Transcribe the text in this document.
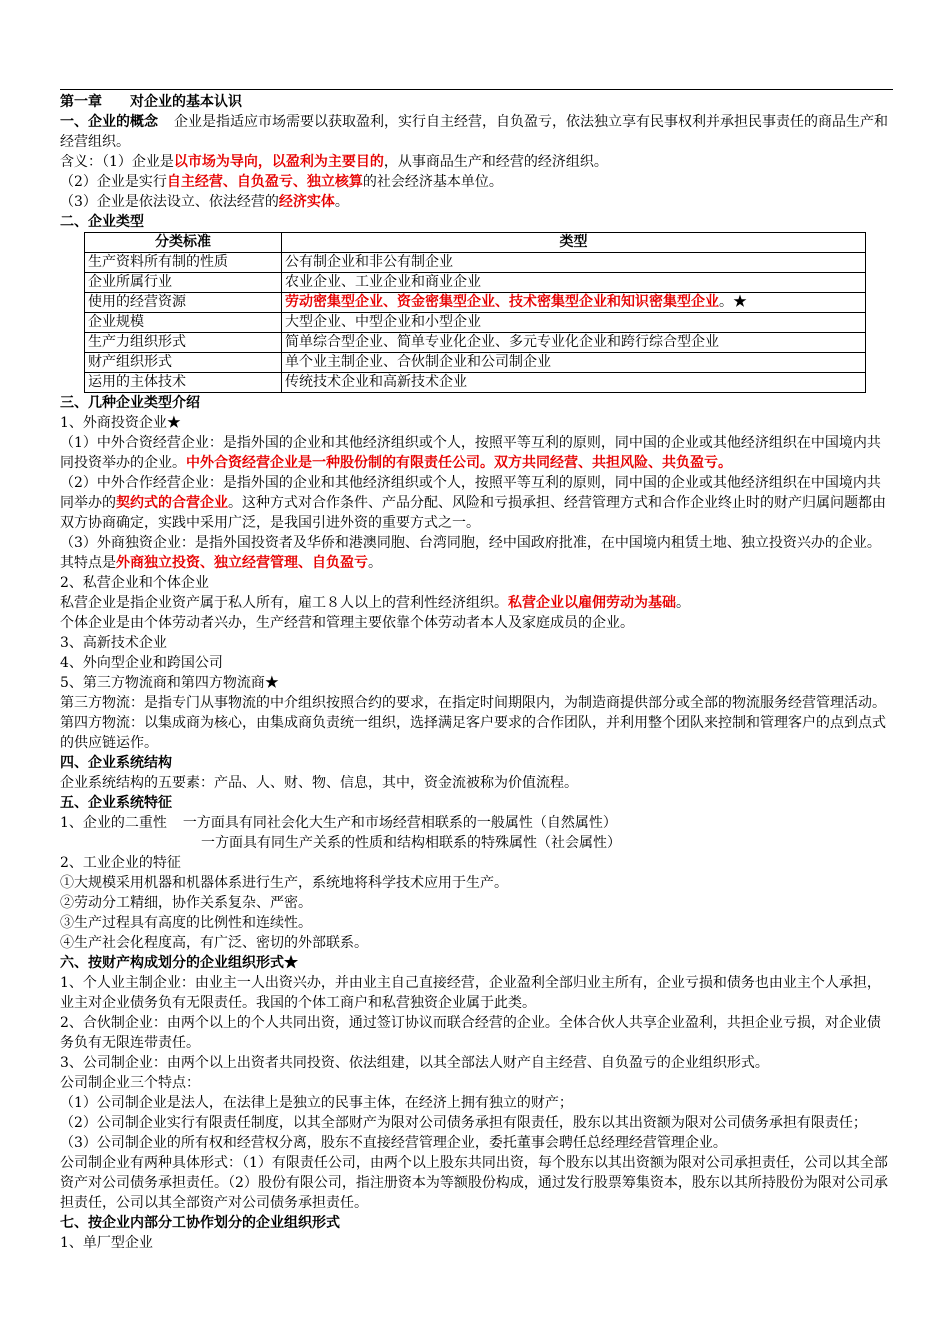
第一章　　对企业的基本认识

一、企业的概念 企业是指适应市场需要以获取盈利，实行自主经营，自负盈亏，依法独立享有民事权利并承担民事责任的商品生产和经营组织。

含义：（1）企业是以市场为导向，以盈利为主要目的，从事商品生产和经营的经济组织。

（2）企业是实行自主经营、自负盈亏、独立核算的社会经济基本单位。

（3）企业是依法设立、依法经营的经济实体。

二、企业类型

分类标准	类型
生产资料所有制的性质	公有制企业和非公有制企业
企业所属行业	农业企业、工业企业和商业企业
使用的经营资源	劳动密集型企业、资金密集型企业、技术密集型企业和知识密集型企业。★
企业规模	大型企业、中型企业和小型企业
生产力组织形式	简单综合型企业、简单专业化企业、多元专业化企业和跨行综合型企业
财产组织形式	单个业主制企业、合伙制企业和公司制企业
运用的主体技术	传统技术企业和高新技术企业

三、几种企业类型介绍

1、外商投资企业★

（1）中外合资经营企业：是指外国的企业和其他经济组织或个人，按照平等互利的原则，同中国的企业或其他经济组织在中国境内共同投资举办的企业。中外合资经营企业是一种股份制的有限责任公司。双方共同经营、共担风险、共负盈亏。

（2）中外合作经营企业：是指外国的企业和其他经济组织或个人，按照平等互利的原则，同中国的企业或其他经济组织在中国境内共同举办的契约式的合营企业。这种方式对合作条件、产品分配、风险和亏损承担、经营管理方式和合作企业终止时的财产归属问题都由双方协商确定，实践中采用广泛，是我国引进外资的重要方式之一。

（3）外商独资企业：是指外国投资者及华侨和港澳同胞、台湾同胞，经中国政府批准，在中国境内租赁土地、独立投资兴办的企业。其特点是外商独立投资、独立经营管理、自负盈亏。

2、私营企业和个体企业

私营企业是指企业资产属于私人所有，雇工８人以上的营利性经济组织。私营企业以雇佣劳动为基础。

个体企业是由个体劳动者兴办，生产经营和管理主要依靠个体劳动者本人及家庭成员的企业。

3、高新技术企业

4、外向型企业和跨国公司

5、第三方物流商和第四方物流商★

第三方物流：是指专门从事物流的中介组织按照合约的要求，在指定时间期限内，为制造商提供部分或全部的物流服务经营管理活动。

第四方物流：以集成商为核心，由集成商负责统一组织，选择满足客户要求的合作团队，并利用整个团队来控制和管理客户的点到点式的供应链运作。

四、企业系统结构

企业系统结构的五要素：产品、人、财、物、信息，其中，资金流被称为价值流程。

五、企业系统特征

1、企业的二重性 一方面具有同社会化大生产和市场经营相联系的一般属性（自然属性）

一方面具有同生产关系的性质和结构相联系的特殊属性（社会属性）

2、工业企业的特征

①大规模采用机器和机器体系进行生产，系统地将科学技术应用于生产。

②劳动分工精细，协作关系复杂、严密。

③生产过程具有高度的比例性和连续性。

④生产社会化程度高，有广泛、密切的外部联系。

六、按财产构成划分的企业组织形式★

1、个人业主制企业：由业主一人出资兴办，并由业主自己直接经营，企业盈利全部归业主所有，企业亏损和债务也由业主个人承担，业主对企业债务负有无限责任。我国的个体工商户和私营独资企业属于此类。

2、合伙制企业：由两个以上的个人共同出资，通过签订协议而联合经营的企业。全体合伙人共享企业盈利，共担企业亏损，对企业债务负有无限连带责任。

3、公司制企业：由两个以上出资者共同投资、依法组建，以其全部法人财产自主经营、自负盈亏的企业组织形式。

公司制企业三个特点：

（1）公司制企业是法人，在法律上是独立的民事主体，在经济上拥有独立的财产；

（2）公司制企业实行有限责任制度，以其全部财产为限对公司债务承担有限责任，股东以其出资额为限对公司债务承担有限责任；

（3）公司制企业的所有权和经营权分离，股东不直接经营管理企业，委托董事会聘任总经理经营管理企业。

公司制企业有两种具体形式：（1）有限责任公司，由两个以上股东共同出资，每个股东以其出资额为限对公司承担责任，公司以其全部资产对公司债务承担责任。（2）股份有限公司，指注册资本为等额股份构成，通过发行股票筹集资本，股东以其所持股份为限对公司承担责任，公司以其全部资产对公司债务承担责任。

七、按企业内部分工协作划分的企业组织形式

1、单厂型企业
